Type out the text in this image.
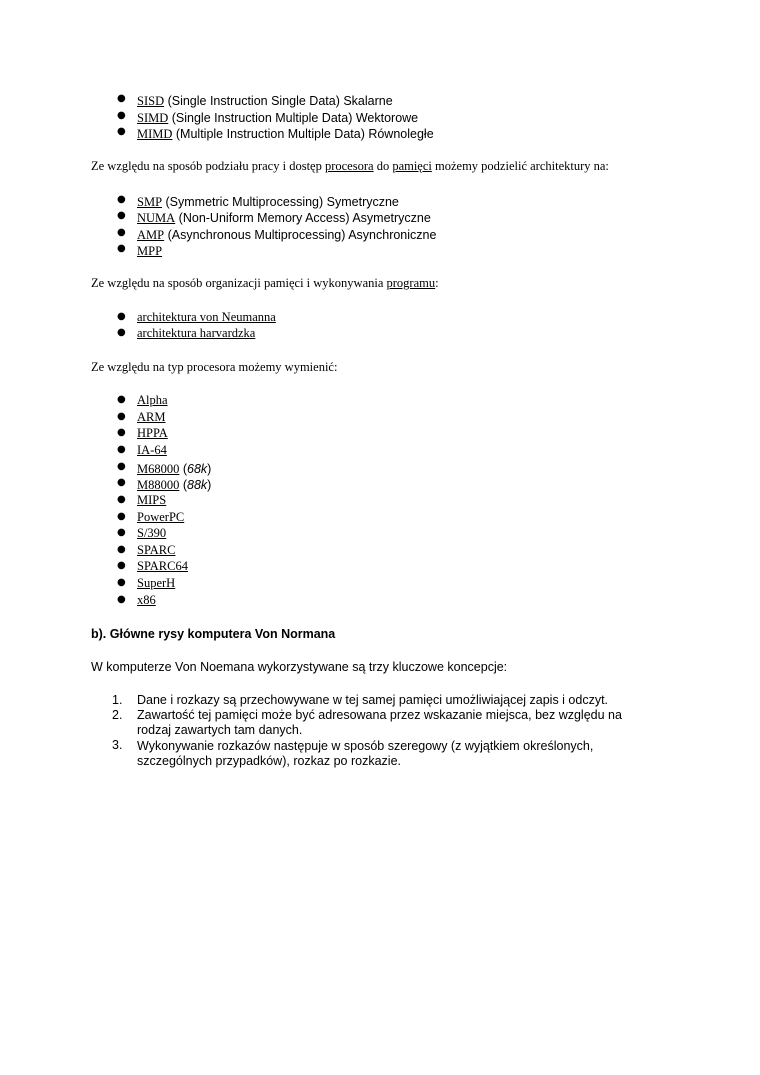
● SISD (Single Instruction Single Data) Skalarne
● SIMD (Single Instruction Multiple Data) Wektorowe
● MIMD (Multiple Instruction Multiple Data) Równoległe
Ze względu na sposób podziału pracy i dostęp procesora do pamięci możemy podzielić architektury na:
● SMP (Symmetric Multiprocessing) Symetryczne
● NUMA (Non-Uniform Memory Access) Asymetryczne
● AMP (Asynchronous Multiprocessing) Asynchroniczne
● MPP
Ze względu na sposób organizacji pamięci i wykonywania programu:
● architektura von Neumanna
● architektura harvardzka
Ze względu na typ procesora możemy wymienić:
● Alpha
● ARM
● HPPA
● IA-64
● M68000 (68k)
● M88000 (88k)
● MIPS
● PowerPC
● S/390
● SPARC
● SPARC64
● SuperH
● x86
b). Główne rysy komputera Von Normana
W komputerze Von Noemana wykorzystywane są trzy kluczowe koncepcje:
1. Dane i rozkazy są przechowywane w tej samej pamięci umożliwiającej zapis i odczyt.
2. Zawartość tej pamięci może być adresowana przez wskazanie miejsca, bez względu na
rodzaj zawartych tam danych.
3. Wykonywanie rozkazów następuje w sposób szeregowy (z wyjątkiem określonych,
szczególnych przypadków), rozkaz po rozkazie.
